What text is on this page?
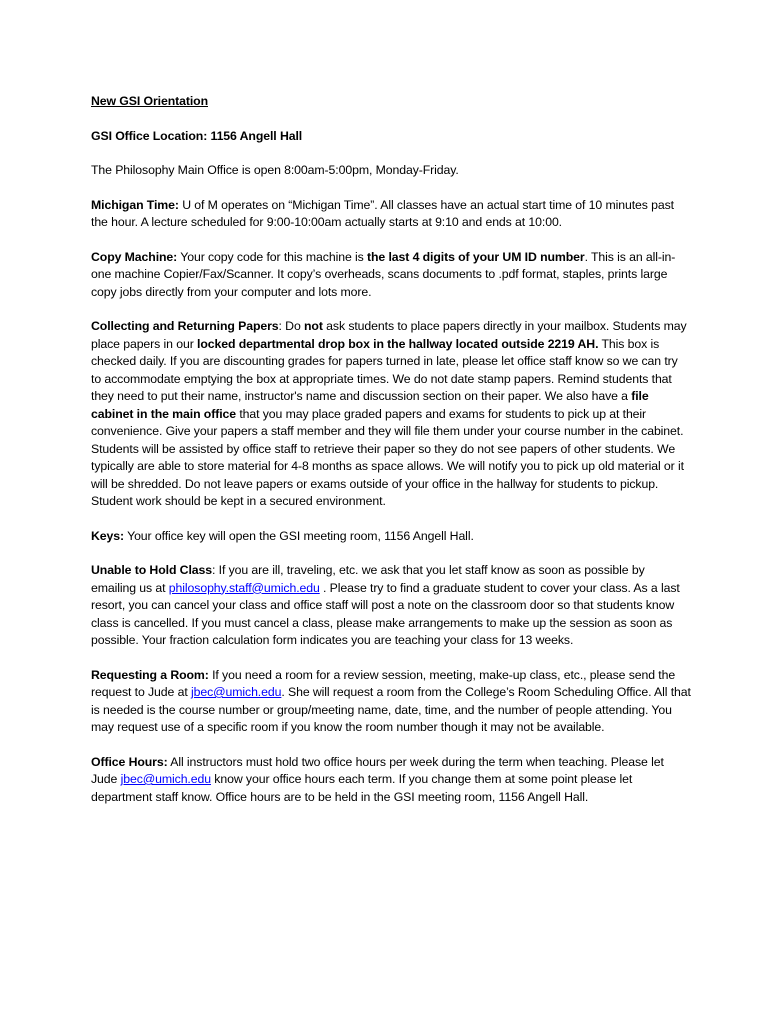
New GSI Orientation

GSI Office Location: 1156 Angell Hall

The Philosophy Main Office is open 8:00am-5:00pm, Monday-Friday.

Michigan Time: U of M operates on “Michigan Time”. All classes have an actual start time of 10 minutes past the hour. A lecture scheduled for 9:00-10:00am actually starts at 9:10 and ends at 10:00.

Copy Machine: Your copy code for this machine is the last 4 digits of your UM ID number. This is an all-in-one machine Copier/Fax/Scanner. It copy’s overheads, scans documents to .pdf format, staples, prints large copy jobs directly from your computer and lots more.

Collecting and Returning Papers: Do not ask students to place papers directly in your mailbox. Students may place papers in our locked departmental drop box in the hallway located outside 2219 AH. This box is checked daily. If you are discounting grades for papers turned in late, please let office staff know so we can try to accommodate emptying the box at appropriate times. We do not date stamp papers. Remind students that they need to put their name, instructor's name and discussion section on their paper. We also have a file cabinet in the main office that you may place graded papers and exams for students to pick up at their convenience. Give your papers a staff member and they will file them under your course number in the cabinet. Students will be assisted by office staff to retrieve their paper so they do not see papers of other students. We typically are able to store material for 4-8 months as space allows. We will notify you to pick up old material or it will be shredded. Do not leave papers or exams outside of your office in the hallway for students to pickup. Student work should be kept in a secured environment.

Keys: Your office key will open the GSI meeting room, 1156 Angell Hall.

Unable to Hold Class: If you are ill, traveling, etc. we ask that you let staff know as soon as possible by emailing us at philosophy.staff@umich.edu . Please try to find a graduate student to cover your class. As a last resort, you can cancel your class and office staff will post a note on the classroom door so that students know class is cancelled. If you must cancel a class, please make arrangements to make up the session as soon as possible. Your fraction calculation form indicates you are teaching your class for 13 weeks.

Requesting a Room: If you need a room for a review session, meeting, make-up class, etc., please send the request to Jude at jbec@umich.edu. She will request a room from the College’s Room Scheduling Office. All that is needed is the course number or group/meeting name, date, time, and the number of people attending. You may request use of a specific room if you know the room number though it may not be available.

Office Hours: All instructors must hold two office hours per week during the term when teaching. Please let Jude jbec@umich.edu know your office hours each term. If you change them at some point please let department staff know. Office hours are to be held in the GSI meeting room, 1156 Angell Hall.
